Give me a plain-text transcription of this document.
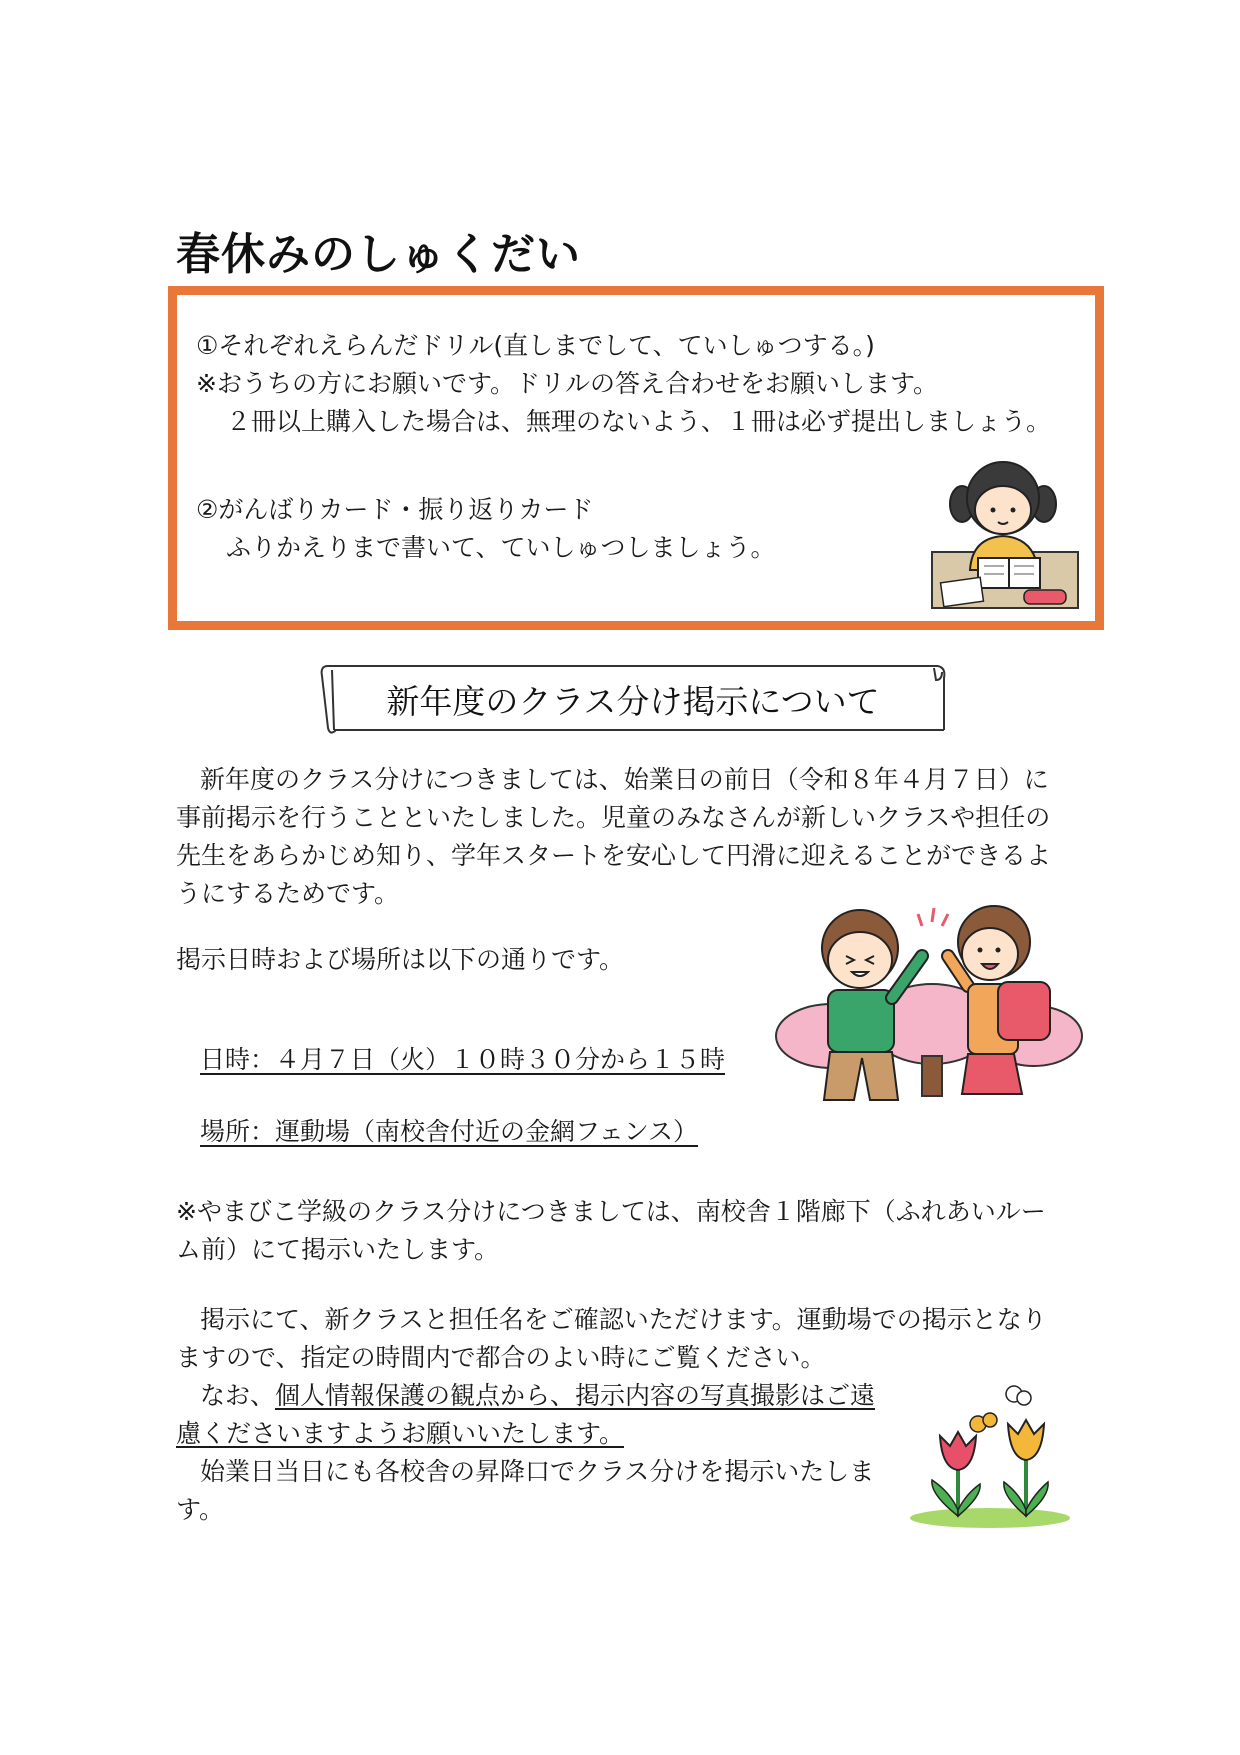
春休みのしゅくだい
①それぞれえらんだドリル(直しまでして、ていしゅつする。)
※おうちの方にお願いです。ドリルの答え合わせをお願いします。
２冊以上購入した場合は、無理のないよう、１冊は必ず提出しましょう。
②がんばりカード・振り返りカード
ふりかえりまで書いて、ていしゅつしましょう。
新年度のクラス分け掲示について
新年度のクラス分けにつきましては、始業日の前日（令和８年４月７日）に
事前掲示を行うことといたしました。児童のみなさんが新しいクラスや担任の
先生をあらかじめ知り、学年スタートを安心して円滑に迎えることができるよ
うにするためです。
掲示日時および場所は以下の通りです。
日時：４月７日（火）１０時３０分から１５時
場所：運動場（南校舎付近の金網フェンス）
※やまびこ学級のクラス分けにつきましては、南校舎１階廊下（ふれあいルー
ム前）にて掲示いたします。
掲示にて、新クラスと担任名をご確認いただけます。運動場での掲示となり
ますので、指定の時間内で都合のよい時にご覧ください。
なお、個人情報保護の観点から、掲示内容の写真撮影はご遠
慮くださいますようお願いいたします。
始業日当日にも各校舎の昇降口でクラス分けを掲示いたしま
す。
